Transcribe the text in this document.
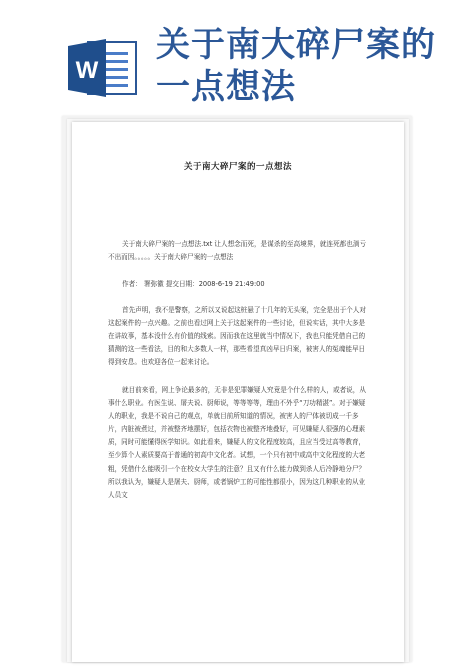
W
关于南大碎尸案的
一点想法
关于南大碎尸案的一点想法
关于南大碎尸案的一点想法.txt 让人想念而死，是谋杀的至高境界，就连死都也淌亏不出而因。。。。。关于南大碎尸案的一点想法
作者： 署弥徽 提交日期：2008-6-19 21:49:00
首先声明，我不是警察，之所以又说起这桩悬了十几年的无头案，完全是出于个人对这起案件的一点兴趣。之前也看过网上关于这起案件的一些讨论，但说实话，其中大多是在讲故事，基本没什么有价值的线索。因而我在这里就当中情况下，我也只能凭借自己的猜测的这一些看法，目的和大多数人一样，那些希望真凶早日归案，被害人的冤魂能早日得到安息。也欢迎各位一起来讨论。
就目前来看，网上争论最多的，无非是犯罪嫌疑人究竟是个什么样的人，或者说，从事什么职业。有医生说、屠夫说、厨师说，等等等等，理由不外乎“刀功精湛”。对于嫌疑人的职业，我是不说自己的观点，单就目前所知道的情况，被害人的尸体被切成一千多片，内脏被煮过，并被整齐地摆好，包括衣物也被整齐地叠好，可见嫌疑人很强的心理素质，同时可能懂得医学知识。如此看来，嫌疑人的文化程度较高，且应当受过高等教育，至少算个人素质要高于普通的初高中文化者。试想，一个只有初中或高中文化程度的大老粗，凭借什么能吸引一个在校女大学生的注意？且又有什么能力做到杀人后冷静地分尸？所以我认为，嫌疑人是屠夫、厨师，或者锅炉工的可能性都很小，因为这几种职业的从业人员文
